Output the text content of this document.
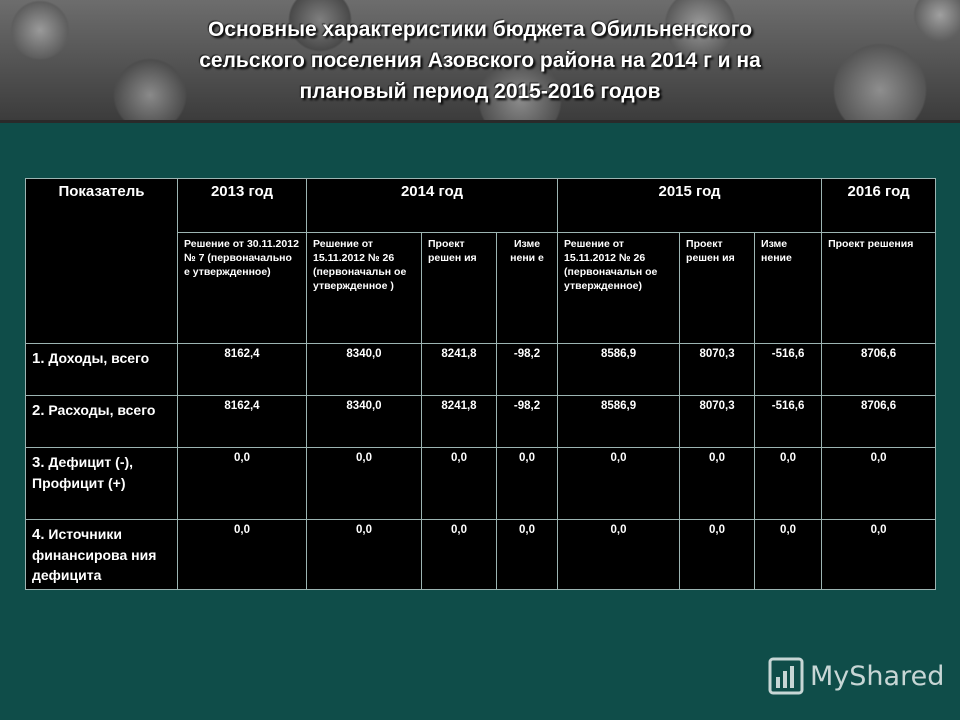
Основные характеристики бюджета Обильненского
сельского поселения Азовского района на 2014 г и на
плановый период 2015-2016 годов
Показатель	2013 год	2014 год			2015 год			2016 год
	Решение от 30.11.2012 № 7 (первоначально е утвержденное)	Решение от 15.11.2012 № 26 (первоначальн ое утвержденное )	Проект решен ия	Изме нени е	Решение от 15.11.2012 № 26 (первоначальн ое утвержденное)	Проект решен ия	Изме нение	Проект решения
1. Доходы, всего	8162,4	8340,0	8241,8	-98,2	8586,9	8070,3	-516,6	8706,6
2. Расходы, всего	8162,4	8340,0	8241,8	-98,2	8586,9	8070,3	-516,6	8706,6
3. Дефицит (-), Профицит (+)	0,0	0,0	0,0	0,0	0,0	0,0	0,0	0,0
4. Источники финансирова ния дефицита	0,0	0,0	0,0	0,0	0,0	0,0	0,0	0,0
MyShared
